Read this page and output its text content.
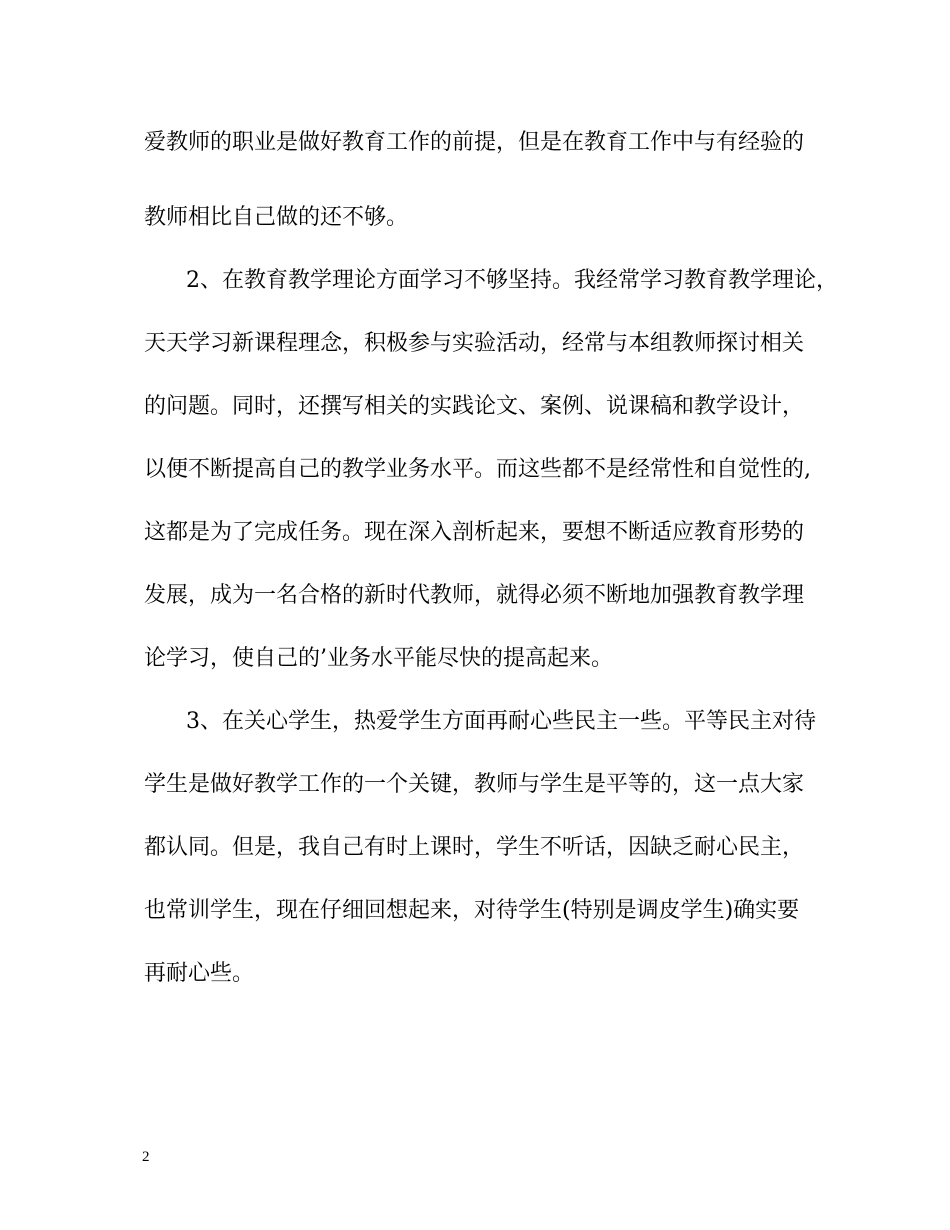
爱教师的职业是做好教育工作的前提，但是在教育工作中与有经验的
教师相比自己做的还不够。
2、在教育教学理论方面学习不够坚持。我经常学习教育教学理论，
天天学习新课程理念，积极参与实验活动，经常与本组教师探讨相关
的问题。同时，还撰写相关的实践论文、案例、说课稿和教学设计，
以便不断提高自己的教学业务水平。而这些都不是经常性和自觉性的,
这都是为了完成任务。现在深入剖析起来，要想不断适应教育形势的
发展，成为一名合格的新时代教师，就得必须不断地加强教育教学理
论学习，使自己的’业务水平能尽快的提高起来。
3、在关心学生，热爱学生方面再耐心些民主一些。平等民主对待
学生是做好教学工作的一个关键，教师与学生是平等的，这一点大家
都认同。但是，我自己有时上课时，学生不听话，因缺乏耐心民主，
也常训学生，现在仔细回想起来，对待学生(特别是调皮学生)确实要
再耐心些。
2
